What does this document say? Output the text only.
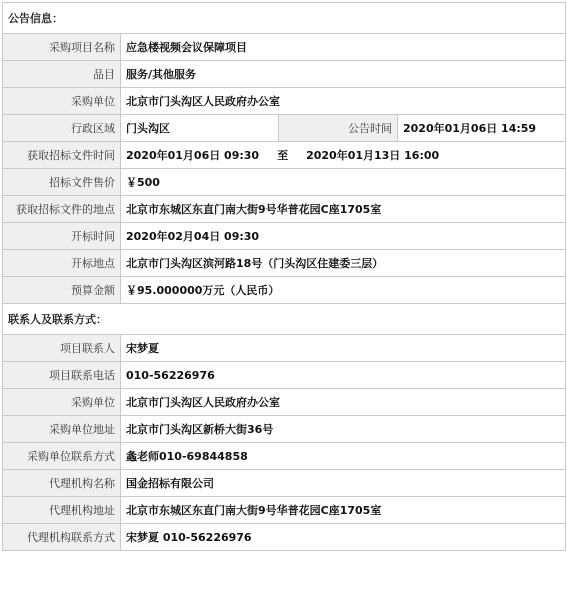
公告信息：			
采购项目名称	应急楼视频会议保障项目		
品目	服务/其他服务		
采购单位	北京市门头沟区人民政府办公室		
行政区域	门头沟区	公告时间	2020年01月06日 14:59
获取招标文件时间	2020年01月06日 09:30 至 2020年01月13日 16:00		
招标文件售价	￥500		
获取招标文件的地点	北京市东城区东直门南大街9号华普花园C座1705室		
开标时间	2020年02月04日 09:30		
开标地点	北京市门头沟区滨河路18号（门头沟区住建委三层）		
预算金额	￥95.000000万元（人民币）		
联系人及联系方式：			
项目联系人	宋梦夏		
项目联系电话	010-56226976		
采购单位	北京市门头沟区人民政府办公室		
采购单位地址	北京市门头沟区新桥大街36号		
采购单位联系方式	螽老师010-69844858		
代理机构名称	国金招标有限公司		
代理机构地址	北京市东城区东直门南大街9号华普花园C座1705室		
代理机构联系方式	宋梦夏 010-56226976		
